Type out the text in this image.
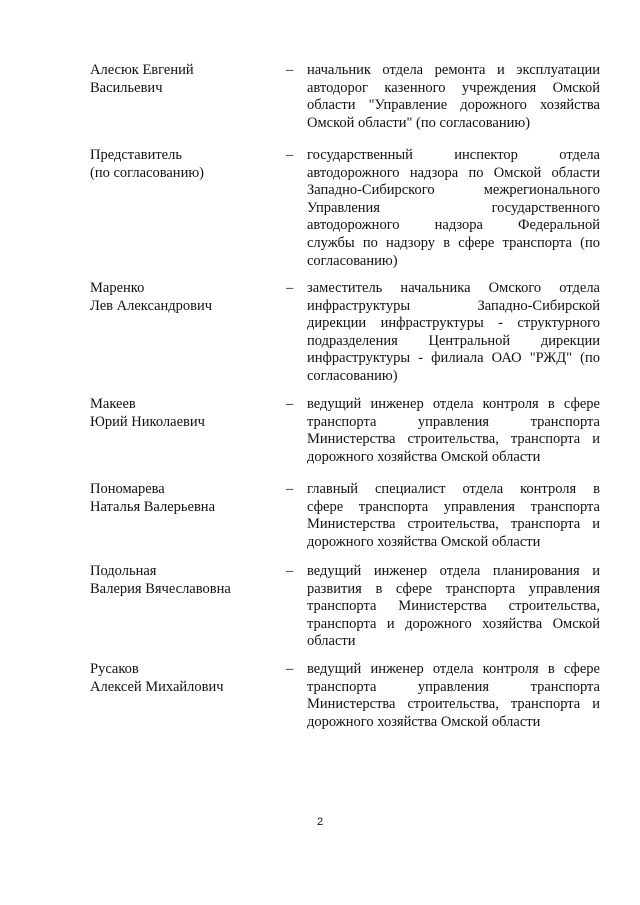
Алесюк Евгений
Васильевич
– начальник отдела ремонта и эксплуатации
автодорог казенного учреждения Омской
области "Управление дорожного хозяйства
Омской области" (по согласованию)
Представитель
(по согласованию)
– государственный инспектор отдела
автодорожного надзора по Омской области
Западно-Сибирского межрегионального
Управления государственного
автодорожного надзора Федеральной
службы по надзору в сфере транспорта (по
согласованию)
Маренко
Лев Александрович
– заместитель начальника Омского отдела
инфраструктуры Западно-Сибирской
дирекции инфраструктуры - структурного
подразделения Центральной дирекции
инфраструктуры - филиала ОАО "РЖД" (по
согласованию)
Макеев
Юрий Николаевич
– ведущий инженер отдела контроля в сфере
транспорта управления транспорта
Министерства строительства, транспорта и
дорожного хозяйства Омской области
Пономарева
Наталья Валерьевна
– главный специалист отдела контроля в
сфере транспорта управления транспорта
Министерства строительства, транспорта и
дорожного хозяйства Омской области
Подольная
Валерия Вячеславовна
– ведущий инженер отдела планирования и
развития в сфере транспорта управления
транспорта Министерства строительства,
транспорта и дорожного хозяйства Омской
области
Русаков
Алексей Михайлович
– ведущий инженер отдела контроля в сфере
транспорта управления транспорта
Министерства строительства, транспорта и
дорожного хозяйства Омской области
2
